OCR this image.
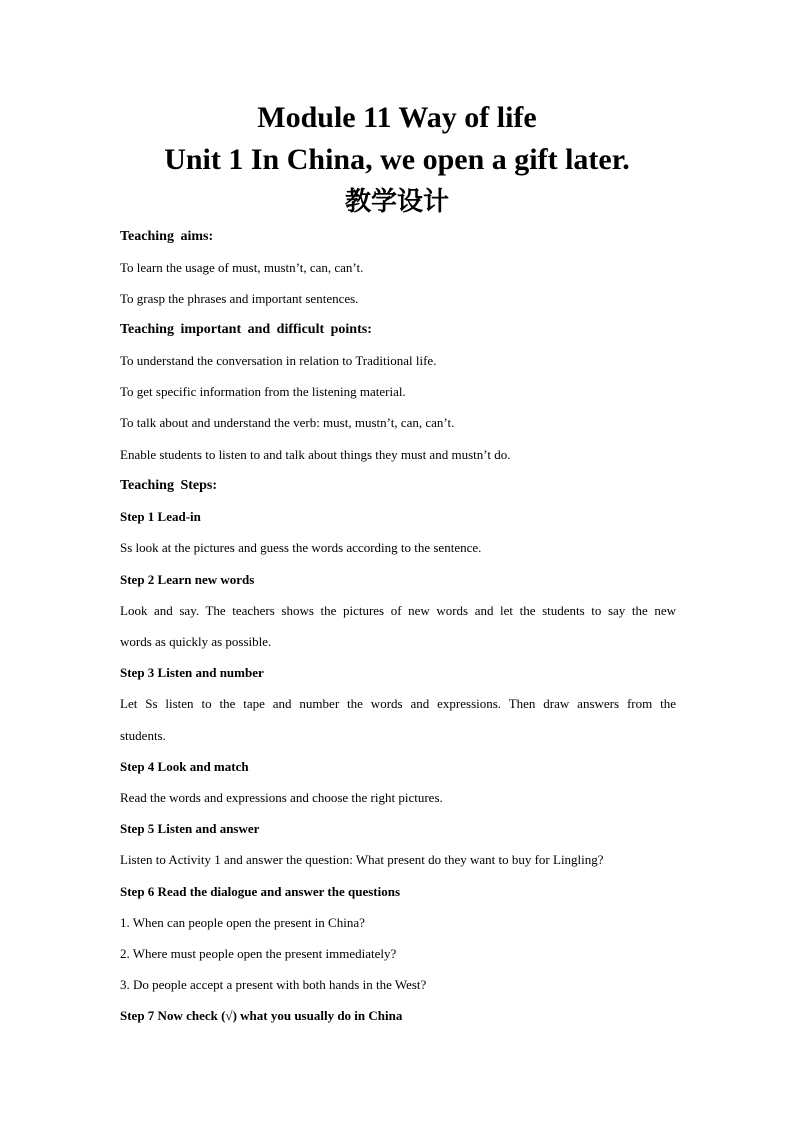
Module 11 Way of life
Unit 1 In China, we open a gift later.
教学设计
Teaching aims:
To learn the usage of must, mustn’t, can, can’t.
To grasp the phrases and important sentences.
Teaching important and difficult points:
To understand the conversation in relation to Traditional life.
To get specific information from the listening material.
To talk about and understand the verb: must, mustn’t, can, can’t.
Enable students to listen to and talk about things they must and mustn’t do.
Teaching Steps:
Step 1 Lead-in
Ss look at the pictures and guess the words according to the sentence.
Step 2 Learn new words
Look and say. The teachers shows the pictures of new words and let the students to say the new
words as quickly as possible.
Step 3 Listen and number
Let Ss listen to the tape and number the words and expressions. Then draw answers from the
students.
Step 4 Look and match
Read the words and expressions and choose the right pictures.
Step 5 Listen and answer
Listen to Activity 1 and answer the question: What present do they want to buy for Lingling?
Step 6 Read the dialogue and answer the questions
1. When can people open the present in China?
2. Where must people open the present immediately?
3. Do people accept a present with both hands in the West?
Step 7 Now check (√) what you usually do in China
